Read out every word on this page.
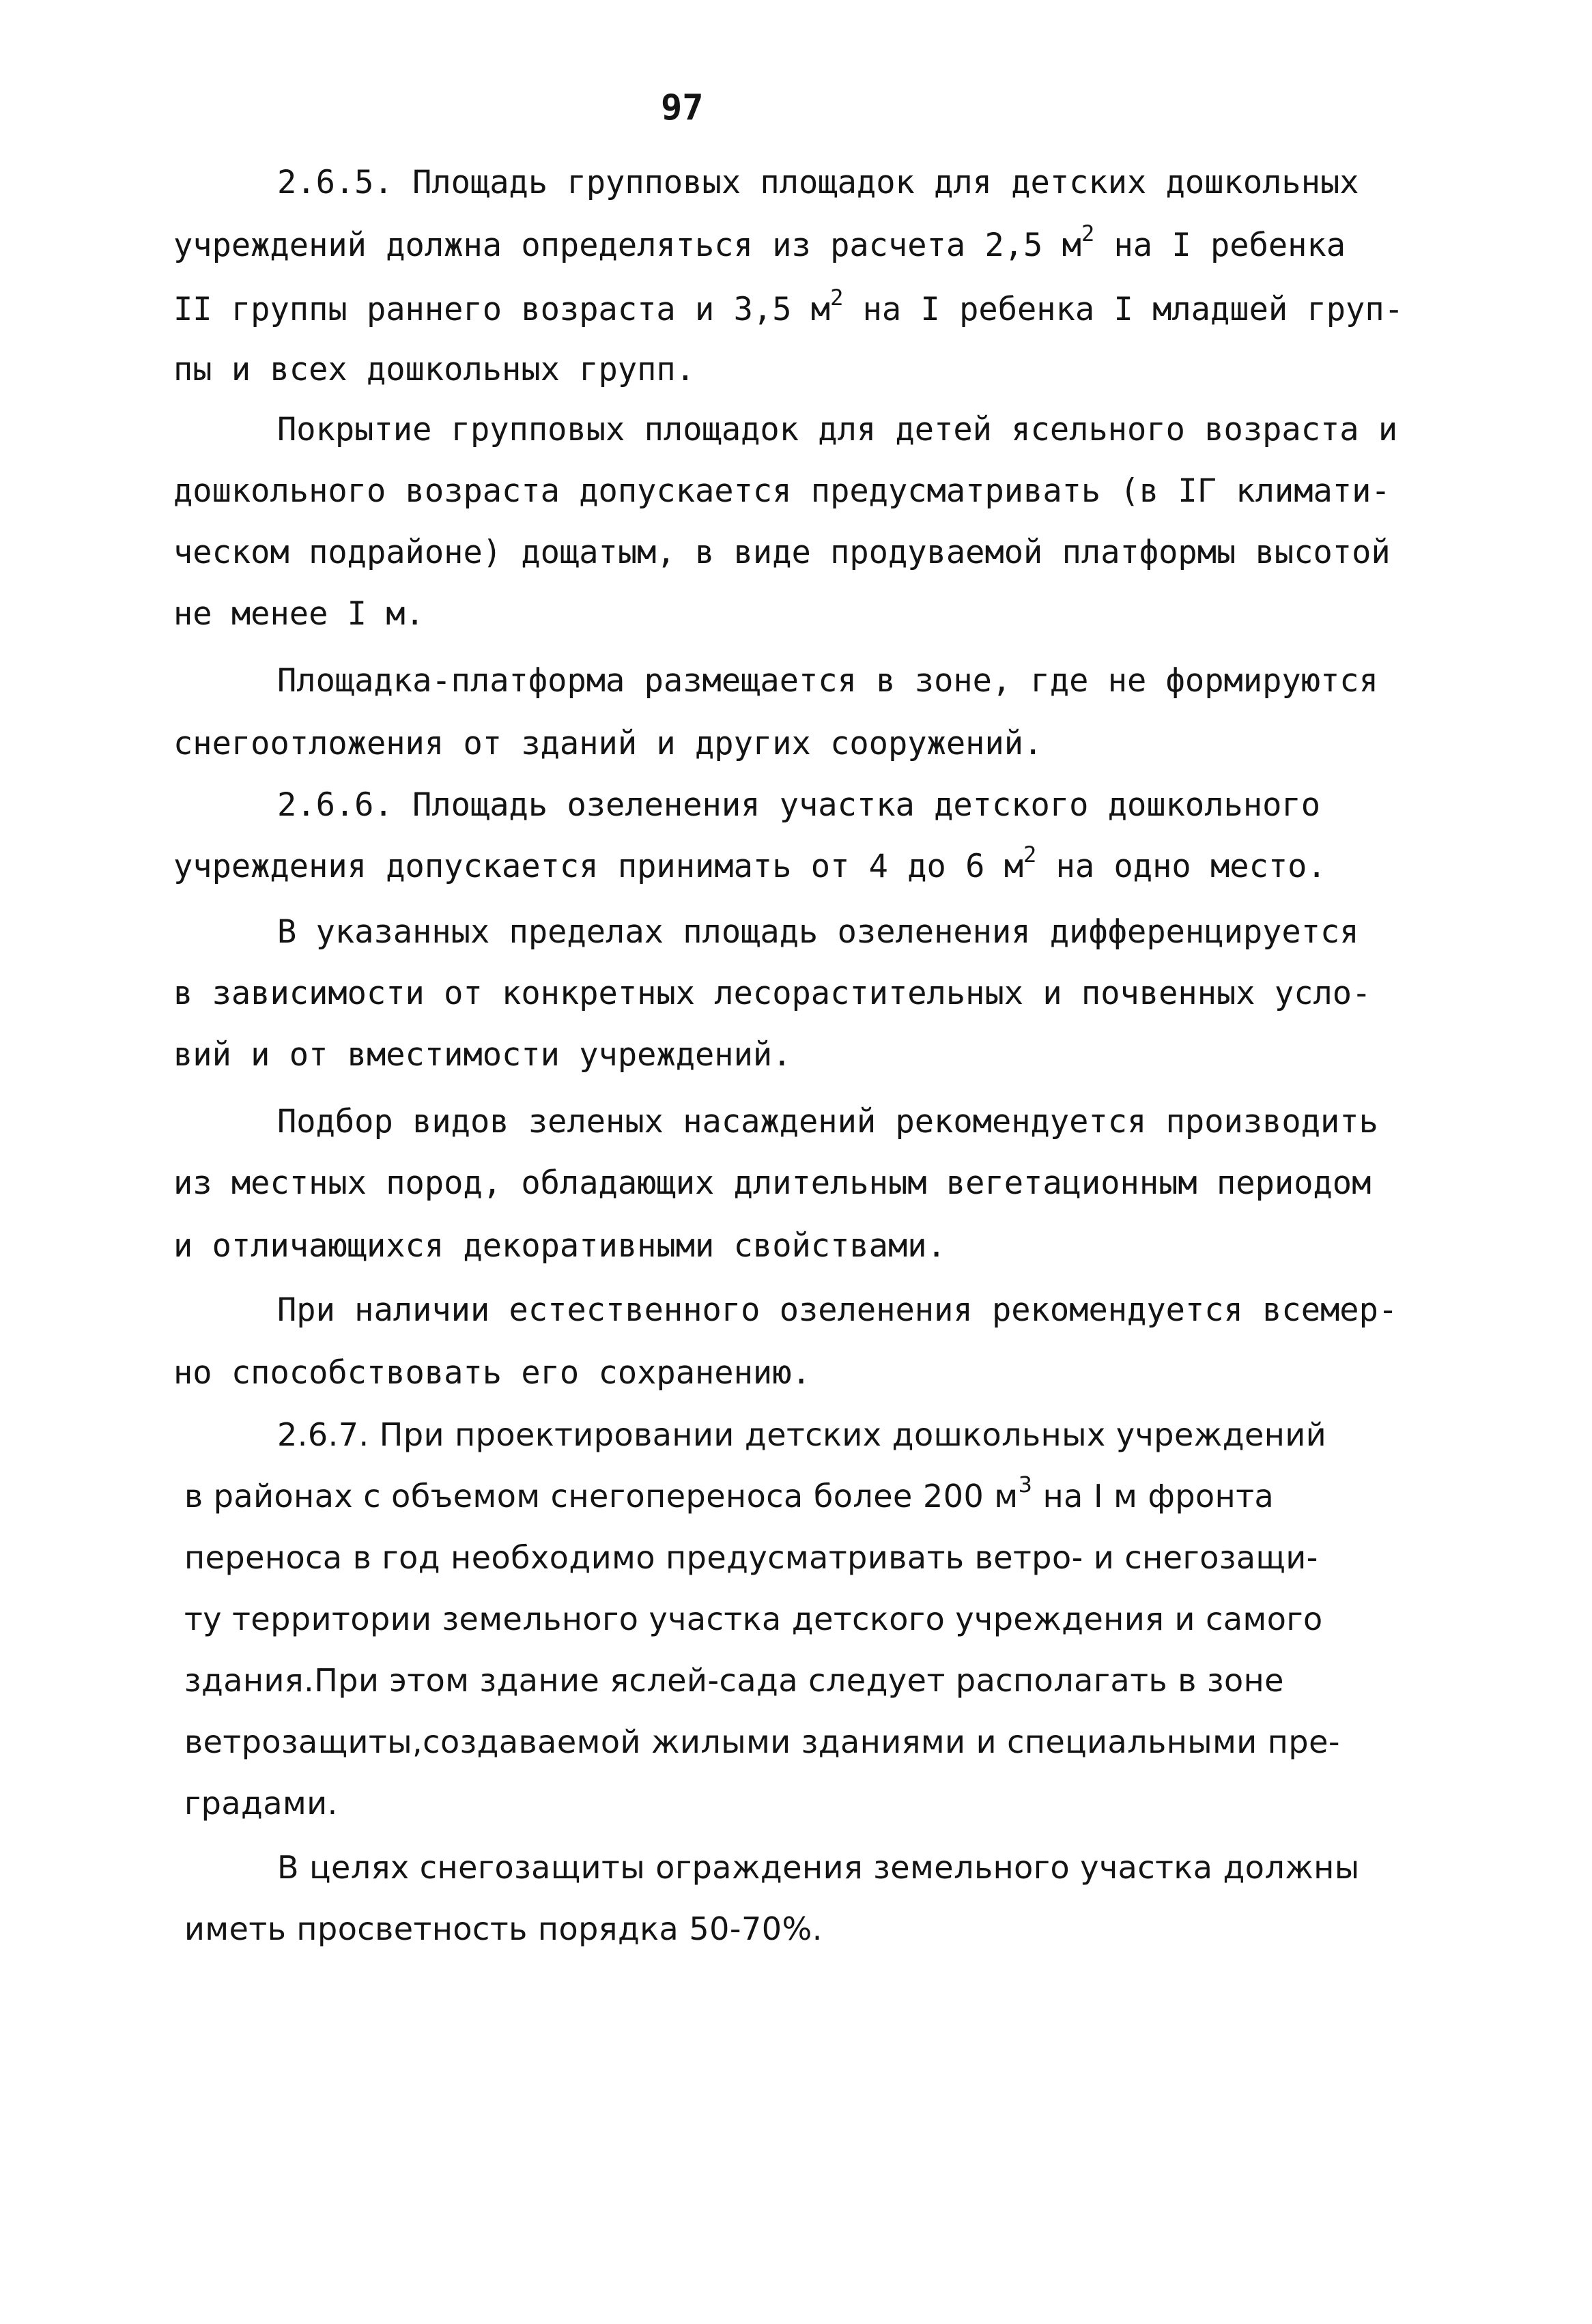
97
2.6.5. Площадь групповых площадок для детских дошкольных
учреждений должна определяться из расчета 2,5 $м^2$ на I ребенка
II группы раннего возраста и 3,5 $м^2$ на I ребенка I младшей груп-
пы и всех дошкольных групп.
Покрытие групповых площадок для детей ясельного возраста и
дошкольного возраста допускается предусматривать (в IГ климати-
ческом подрайоне) дощатым, в виде продуваемой платформы высотой
не менее I м.
Площадка-платформа размещается в зоне, где не формируются
снегоотложения от зданий и других сооружений.
2.6.6. Площадь озеленения участка детского дошкольного
учреждения допускается принимать от 4 до 6 $м^2$ на одно место.
В указанных пределах площадь озеленения дифференцируется
в зависимости от конкретных лесорастительных и почвенных усло-
вий и от вместимости учреждений.
Подбор видов зеленых насаждений рекомендуется производить
из местных пород, обладающих длительным вегетационным периодом
и отличающихся декоративными свойствами.
При наличии естественного озеленения рекомендуется всемер-
но способствовать его сохранению.
2.6.7. При проектировании детских дошкольных учреждений
в районах с объемом снегопереноса более 200 $м^3$ на I м фронта
переноса в год необходимо предусматривать ветро- и снегозащи-
ту территории земельного участка детского учреждения и самого
здания.При этом здание яслей-сада следует располагать в зоне
ветрозащиты,создаваемой жилыми зданиями и специальными пре-
градами.
В целях снегозащиты ограждения земельного участка должны
иметь просветность порядка 50-70%.
